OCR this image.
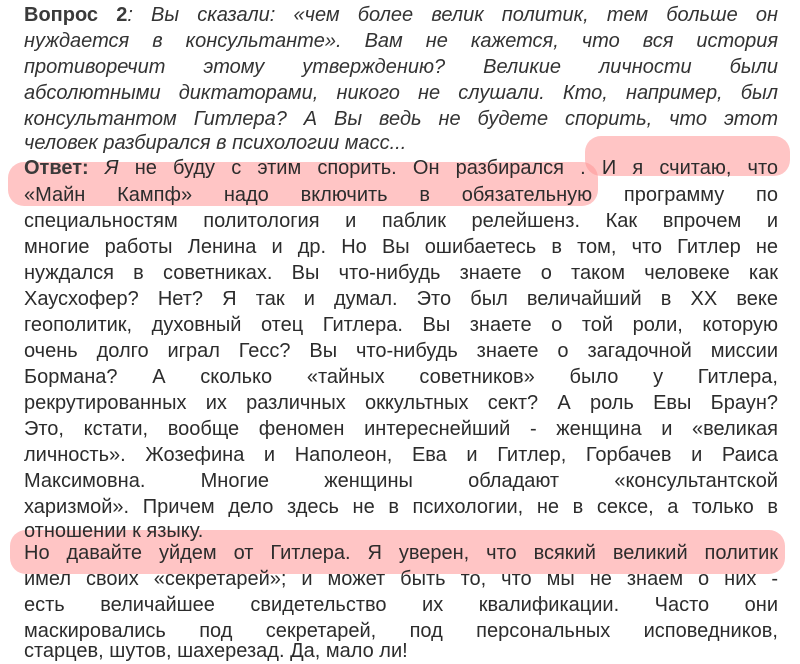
Вопрос 2: Вы сказали: «чем более велик политик, тем больше он
нуждается в консультанте». Вам не кажется, что вся история
противоречит этому утверждению? Великие личности были
абсолютными диктаторами, никого не слушали. Кто, например, был
консультантом Гитлера? А Вы ведь не будете спорить, что этот
человек разбирался в психологии масс...
Ответ: Я не буду с этим спорить. Он разбирался . И я считаю, что
«Майн Кампф» надо включить в обязательную программу по
специальностям политология и паблик релейшенз. Как впрочем и
многие работы Ленина и др. Но Вы ошибаетесь в том, что Гитлер не
нуждался в советниках. Вы что-нибудь знаете о таком человеке как
Хаусхофер? Нет? Я так и думал. Это был величайший в XX веке
геополитик, духовный отец Гитлера. Вы знаете о той роли, которую
очень долго играл Гесс? Вы что-нибудь знаете о загадочной миссии
Бормана? А сколько «тайных советников» было у Гитлера,
рекрутированных их различных оккультных сект? А роль Евы Браун?
Это, кстати, вообще феномен интереснейший - женщина и «великая
личность». Жозефина и Наполеон, Ева и Гитлер, Горбачев и Раиса
Максимовна. Многие женщины обладают «консультантской
харизмой». Причем дело здесь не в психологии, не в сексе, а только в
отношении к языку.
Но давайте уйдем от Гитлера. Я уверен, что всякий великий политик
имел своих «секретарей»; и может быть то, что мы не знаем о них -
есть величайшее свидетельство их квалификации. Часто они
маскировались под секретарей, под персональных исповедников,
старцев, шутов, шахерезад. Да, мало ли!
